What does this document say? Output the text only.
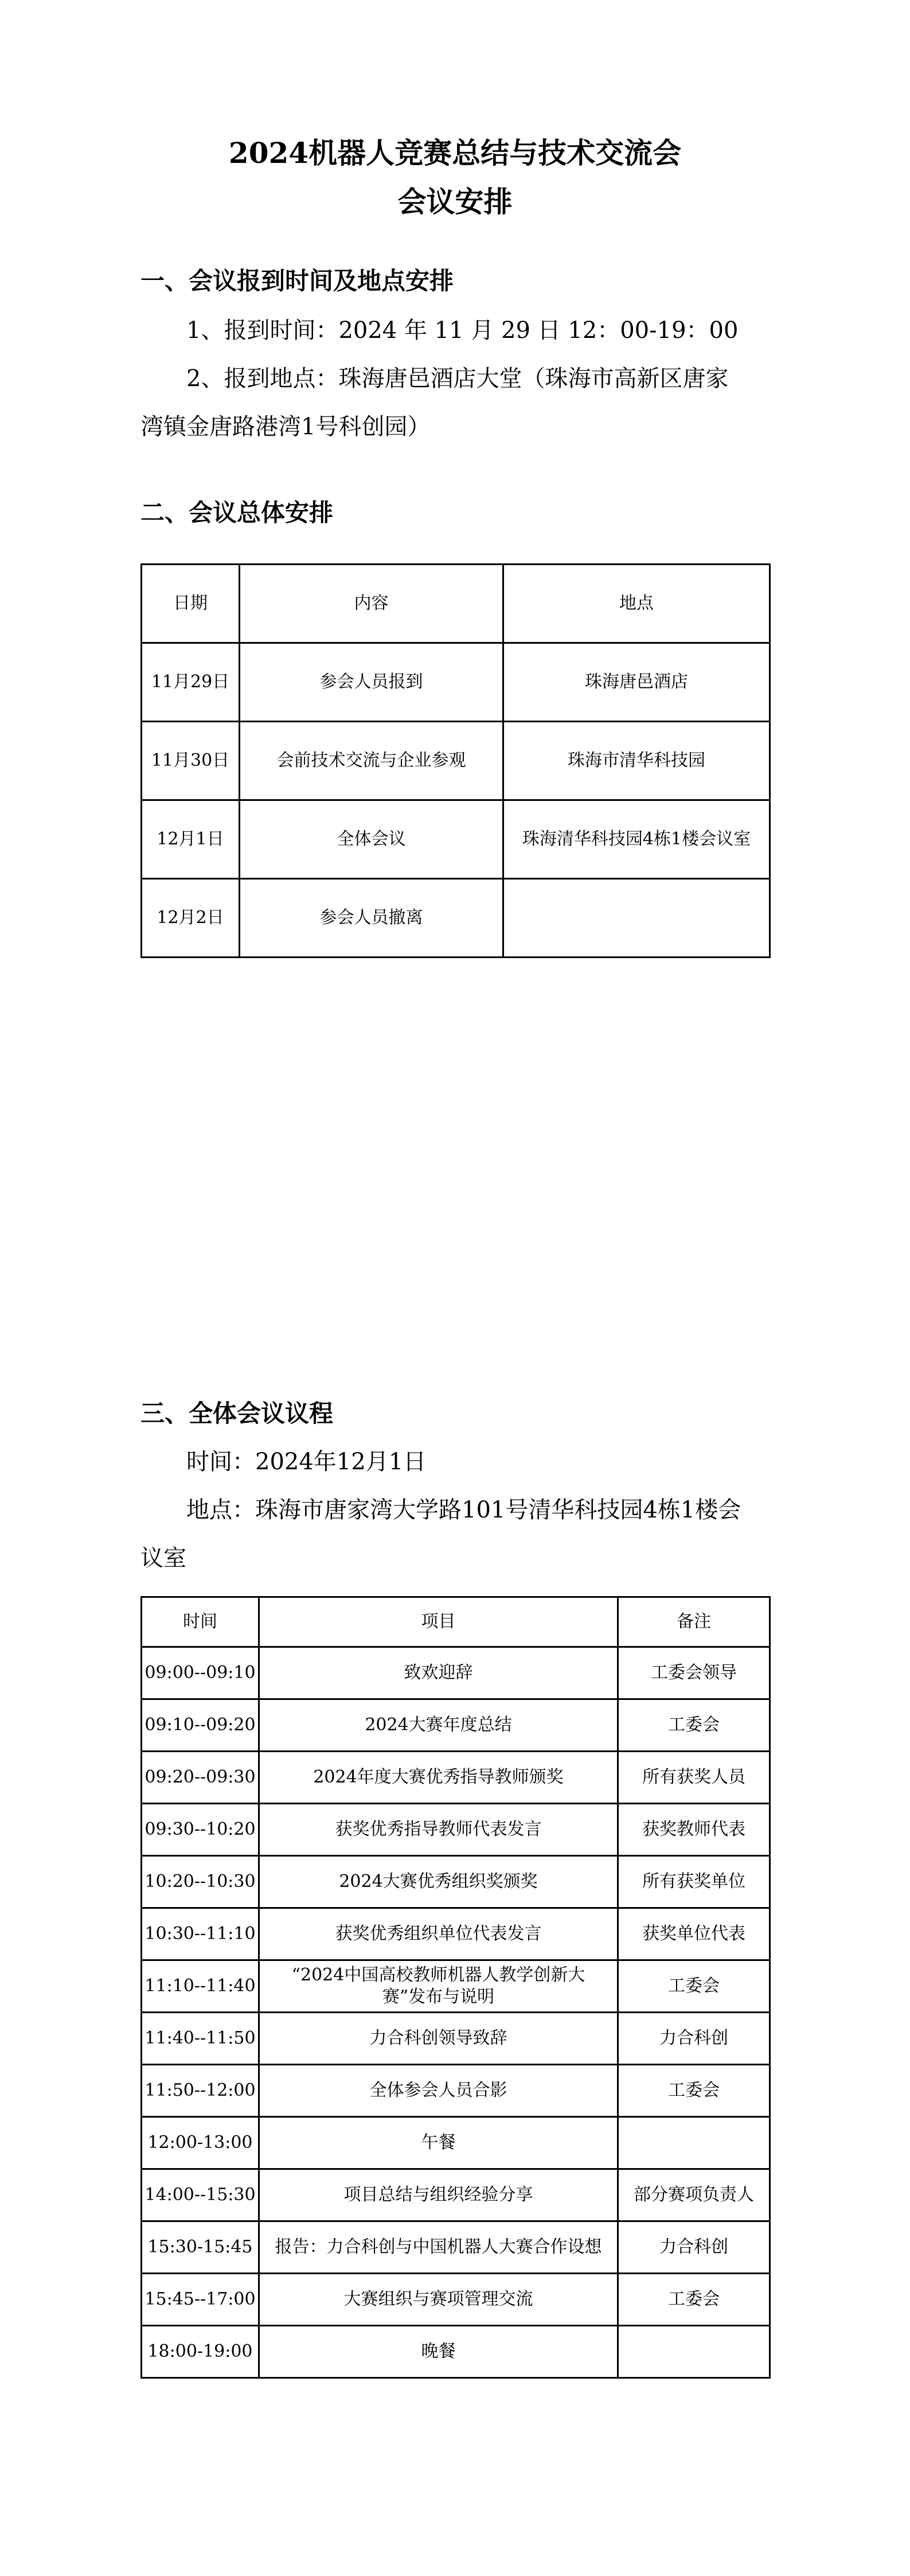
2024机器人竞赛总结与技术交流会
会议安排
一、会议报到时间及地点安排
1、报到时间：2024 年 11 月 29 日 12：00-19：00
2、报到地点：珠海唐邑酒店大堂（珠海市高新区唐家
湾镇金唐路港湾1号科创园）
二、会议总体安排
日期	内容	地点
11月29日	参会人员报到	珠海唐邑酒店
11月30日	会前技术交流与企业参观	珠海市清华科技园
12月1日	全体会议	珠海清华科技园4栋1楼会议室
12月2日	参会人员撤离	
三、全体会议议程
时间：2024年12月1日
地点：珠海市唐家湾大学路101号清华科技园4栋1楼会
议室
时间	项目	备注
09:00--09:10	致欢迎辞	工委会领导
09:10--09:20	2024大赛年度总结	工委会
09:20--09:30	2024年度大赛优秀指导教师颁奖	所有获奖人员
09:30--10:20	获奖优秀指导教师代表发言	获奖教师代表
10:20--10:30	2024大赛优秀组织奖颁奖	所有获奖单位
10:30--11:10	获奖优秀组织单位代表发言	获奖单位代表
11:10--11:40	“2024中国高校教师机器人教学创新大赛”发布与说明	工委会
11:40--11:50	力合科创领导致辞	力合科创
11:50--12:00	全体参会人员合影	工委会
12:00-13:00	午餐	
14:00--15:30	项目总结与组织经验分享	部分赛项负责人
15:30-15:45	报告：力合科创与中国机器人大赛合作设想	力合科创
15:45--17:00	大赛组织与赛项管理交流	工委会
18:00-19:00	晚餐	
